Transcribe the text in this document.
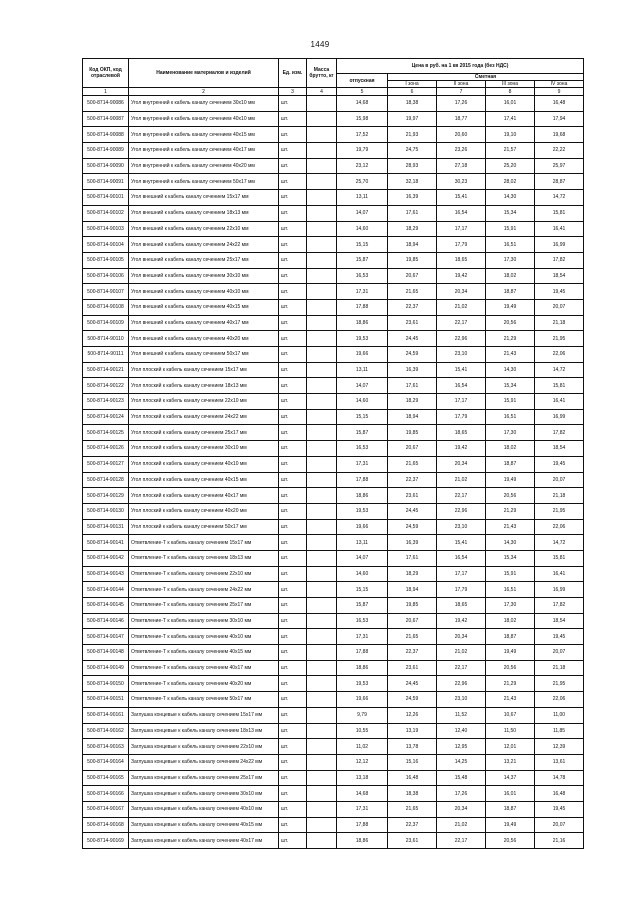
1449
Код ОКП, код отраслевой	Наименование материалов и изделий	Ед. изм.	Масса брутто, кг	Цена в руб. на 1 кв 2015 года (без НДС)				
				отпускная	Сметная			
					I зона	II зона	III зона	IV зона
1	2	3	4	5	6	7	8	9
500-8714-90086	Угол внутренний к кабель каналу сечением 30x10 мм	шт.		14,68	18,38	17,26	16,01	16,48
500-8714-90087	Угол внутренний к кабель каналу сечением 40x10 мм	шт.		15,98	19,97	18,77	17,41	17,94
500-8714-90088	Угол внутренний к кабель каналу сечением 40x15 мм	шт.		17,52	21,93	20,60	19,10	19,68
500-8714-90089	Угол внутренний к кабель каналу сечением 40x17 мм	шт.		19,79	24,75	23,26	21,57	22,22
500-8714-90090	Угол внутренний к кабель каналу сечением 40x20 мм	шт.		23,12	28,93	27,18	25,20	25,97
500-8714-90091	Угол внутренний к кабель каналу сечением 50x17 мм	шт.		25,70	32,18	30,23	28,02	28,87
500-8714-90101	Угол внешний к кабель каналу сечением 15x17 мм	шт.		13,11	16,39	15,41	14,30	14,72
500-8714-90102	Угол внешний к кабель каналу сечением 18x13 мм	шт.		14,07	17,61	16,54	15,34	15,81
500-8714-90103	Угол внешний к кабель каналу сечением 22x10 мм	шт.		14,60	18,29	17,17	15,91	16,41
500-8714-90104	Угол внешний к кабель каналу сечением 24x22 мм	шт.		15,15	18,94	17,79	16,51	16,99
500-8714-90105	Угол внешний к кабель каналу сечением 25x17 мм	шт.		15,87	19,85	18,65	17,30	17,82
500-8714-90106	Угол внешний к кабель каналу сечением 30x10 мм	шт.		16,53	20,67	19,42	18,02	18,54
500-8714-90107	Угол внешний к кабель каналу сечением 40x10 мм	шт.		17,31	21,65	20,34	18,87	19,45
500-8714-90108	Угол внешний к кабель каналу сечением 40x15 мм	шт.		17,88	22,37	21,02	19,49	20,07
500-8714-90109	Угол внешний к кабель каналу сечением 40x17 мм	шт.		18,86	23,61	22,17	20,56	21,18
500-8714-90110	Угол внешний к кабель каналу сечением 40x20 мм	шт.		19,53	24,45	22,96	21,29	21,95
500-8714-90111	Угол внешний к кабель каналу сечением 50x17 мм	шт.		19,66	24,59	23,10	21,43	22,06
500-8714-90121	Угол плоский к кабель каналу сечением 15x17 мм	шт.		13,11	16,39	15,41	14,30	14,72
500-8714-90122	Угол плоский к кабель каналу сечением 18x13 мм	шт.		14,07	17,61	16,54	15,34	15,81
500-8714-90123	Угол плоский к кабель каналу сечением 22x10 мм	шт.		14,60	18,29	17,17	15,91	16,41
500-8714-90124	Угол плоский к кабель каналу сечением 24x22 мм	шт.		15,15	18,94	17,79	16,51	16,99
500-8714-90125	Угол плоский к кабель каналу сечением 25x17 мм	шт.		15,87	19,85	18,65	17,30	17,82
500-8714-90126	Угол плоский к кабель каналу сечением 30x10 мм	шт.		16,53	20,67	19,42	18,02	18,54
500-8714-90127	Угол плоский к кабель каналу сечением 40x10 мм	шт.		17,31	21,65	20,34	18,87	19,45
500-8714-90128	Угол плоский к кабель каналу сечением 40x15 мм	шт.		17,88	22,37	21,02	19,49	20,07
500-8714-90129	Угол плоский к кабель каналу сечением 40x17 мм	шт.		18,86	23,61	22,17	20,56	21,18
500-8714-90130	Угол плоский к кабель каналу сечением 40x20 мм	шт.		19,53	24,45	22,96	21,29	21,95
500-8714-90131	Угол плоский к кабель каналу сечением 50x17 мм	шт.		19,66	24,59	23,10	21,43	22,06
500-8714-90141	Ответвление-Т к кабель каналу сечением 15x17 мм	шт.		13,11	16,39	15,41	14,30	14,72
500-8714-90142	Ответвление-Т к кабель каналу сечением 18x13 мм	шт.		14,07	17,61	16,54	15,34	15,81
500-8714-90143	Ответвление-Т к кабель каналу сечением 22x10 мм	шт.		14,60	18,29	17,17	15,91	16,41
500-8714-90144	Ответвление-Т к кабель каналу сечением 24x22 мм	шт.		15,15	18,94	17,79	16,51	16,99
500-8714-90145	Ответвление-Т к кабель каналу сечением 25x17 мм	шт.		15,87	19,85	18,65	17,30	17,82
500-8714-90146	Ответвление-Т к кабель каналу сечением 30x10 мм	шт.		16,53	20,67	19,42	18,02	18,54
500-8714-90147	Ответвление-Т к кабель каналу сечением 40x10 мм	шт.		17,31	21,65	20,34	18,87	19,45
500-8714-90148	Ответвление-Т к кабель каналу сечением 40x15 мм	шт.		17,88	22,37	21,02	19,49	20,07
500-8714-90149	Ответвление-Т к кабель каналу сечением 40x17 мм	шт.		18,86	23,61	22,17	20,56	21,18
500-8714-90150	Ответвление-Т к кабель каналу сечением 40x20 мм	шт.		19,53	24,45	22,96	21,29	21,95
500-8714-90151	Ответвление-Т к кабель каналу сечением 50x17 мм	шт.		19,66	24,59	23,10	21,43	22,06
500-8714-90161	Заглушка концевые к кабель каналу сечением 15x17 мм	шт.		9,79	12,26	11,52	10,67	11,00
500-8714-90162	Заглушка концевые к кабель каналу сечением 18x13 мм	шт.		10,55	13,19	12,40	11,50	11,85
500-8714-90163	Заглушка концевые к кабель каналу сечением 22x10 мм	шт.		11,02	13,78	12,95	12,01	12,39
500-8714-90164	Заглушка концевые к кабель каналу сечением 24x22 мм	шт.		12,12	15,16	14,25	13,21	13,61
500-8714-90165	Заглушка концевые к кабель каналу сечением 25x17 мм	шт.		13,18	16,48	15,48	14,37	14,78
500-8714-90166	Заглушка концевые к кабель каналу сечением 30x10 мм	шт.		14,68	18,38	17,26	16,01	16,48
500-8714-90167	Заглушка концевые к кабель каналу сечением 40x10 мм	шт.		17,31	21,65	20,34	18,87	19,45
500-8714-90168	Заглушка концевые к кабель каналу сечением 40x15 мм	шт.		17,88	22,37	21,02	19,49	20,07
500-8714-90169	Заглушка концевые к кабель каналу сечением 40x17 мм	шт.		18,86	23,61	22,17	20,56	21,16
